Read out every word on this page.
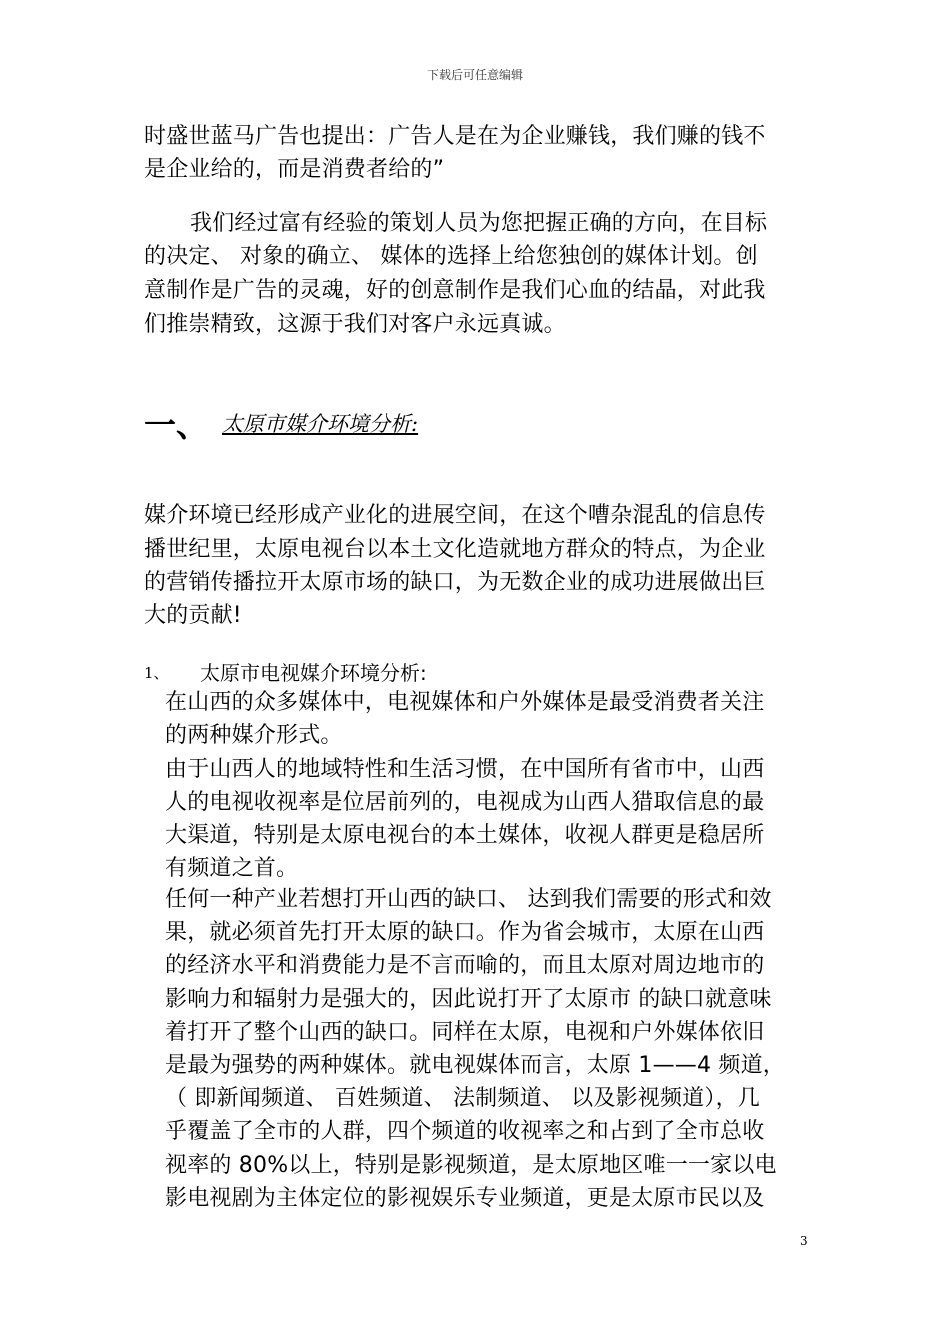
下载后可任意编辑
时盛世蓝马广告也提出：广告人是在为企业赚钱，我们赚的钱不
是企业给的，而是消费者给的”
我们经过富有经验的策划人员为您把握正确的方向，在目标
的决定、 对象的确立、 媒体的选择上给您独创的媒体计划。创
意制作是广告的灵魂，好的创意制作是我们心血的结晶，对此我
们推崇精致，这源于我们对客户永远真诚。
一、 太原市媒介环境分析:
媒介环境已经形成产业化的进展空间，在这个嘈杂混乱的信息传
播世纪里，太原电视台以本土文化造就地方群众的特点，为企业
的营销传播拉开太原市场的缺口，为无数企业的成功进展做出巨
大的贡献!
1、 太原市电视媒介环境分析:
在山西的众多媒体中，电视媒体和户外媒体是最受消费者关注
的两种媒介形式。
由于山西人的地域特性和生活习惯，在中国所有省市中，山西
人的电视收视率是位居前列的，电视成为山西人猎取信息的最
大渠道，特别是太原电视台的本土媒体，收视人群更是稳居所
有频道之首。
任何一种产业若想打开山西的缺口、 达到我们需要的形式和效
果，就必须首先打开太原的缺口。作为省会城市，太原在山西
的经济水平和消费能力是不言而喻的，而且太原对周边地市的
影响力和辐射力是强大的，因此说打开了太原市 的缺口就意味
着打开了整个山西的缺口。同样在太原，电视和户外媒体依旧
是最为强势的两种媒体。就电视媒体而言，太原 1——4 频道，
（ 即新闻频道、 百姓频道、 法制频道、 以及影视频道），几
乎覆盖了全市的人群，四个频道的收视率之和占到了全市总收
视率的 80%以上，特别是影视频道，是太原地区唯一一家以电
影电视剧为主体定位的影视娱乐专业频道，更是太原市民以及
3
